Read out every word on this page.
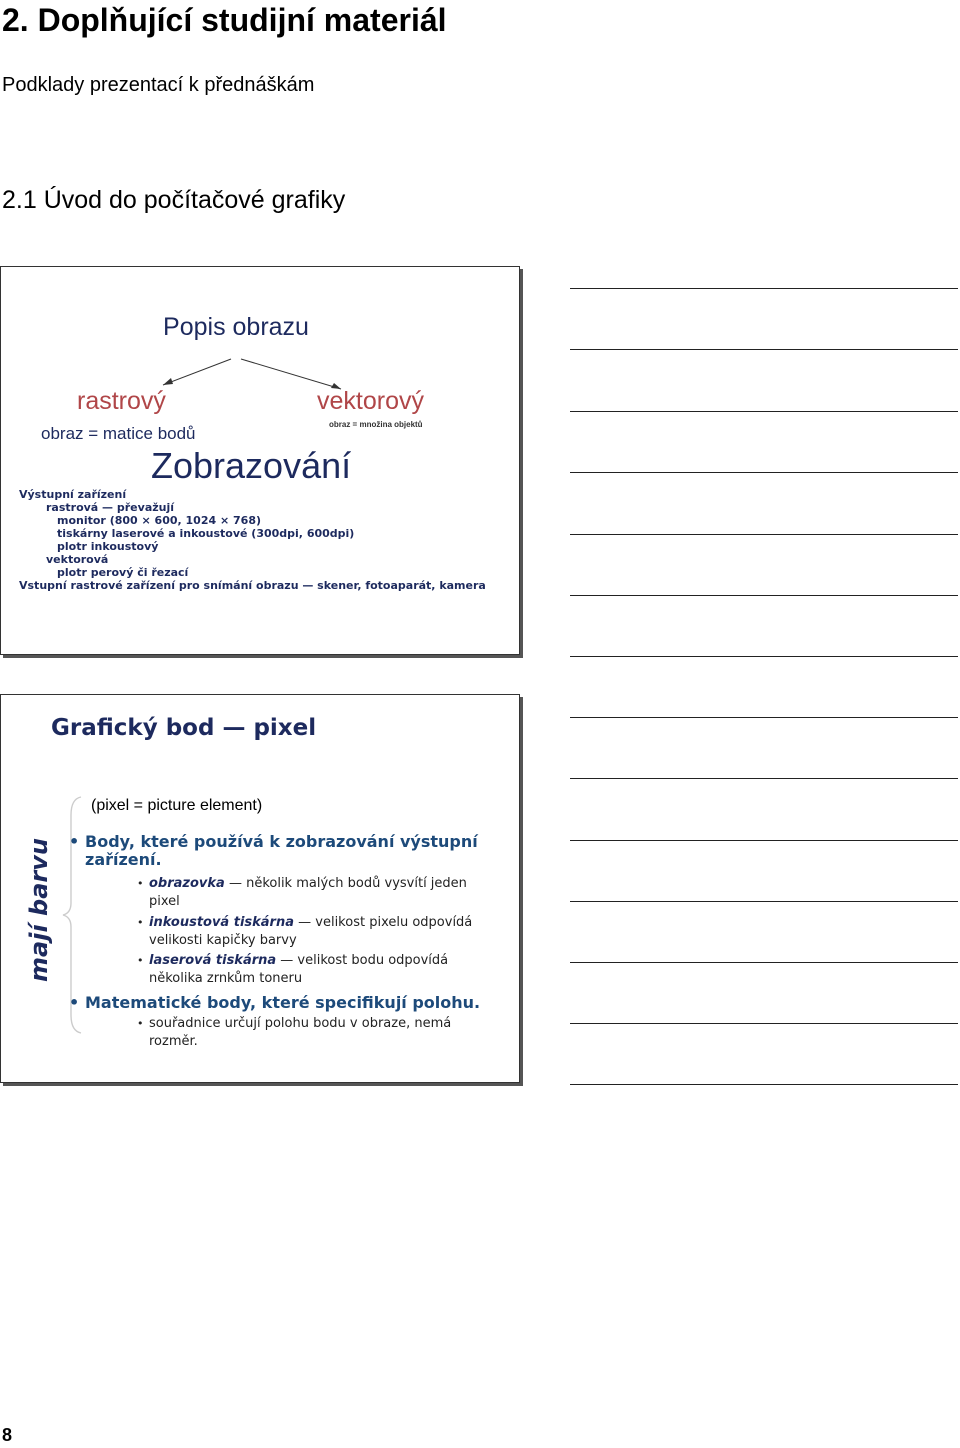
2. Doplňující studijní materiál
Podklady prezentací k přednáškám
2.1 Úvod do počítačové grafiky
Popis obrazu
rastrový	vektorový
obraz = matice bodů	obraz = množina objektů
Zobrazování
Výstupní zařízení
rastrová — převažují
monitor (800 × 600, 1024 × 768)
tiskárny laserové a inkoustové (300dpi, 600dpi)
plotr inkoustový
vektorová
plotr perový či řezací
Vstupní rastrové zařízení pro snímání obrazu — skener, fotoaparát, kamera
Grafický bod — pixel
(pixel = picture element)
mají barvu	• Body, které používá k zobrazování výstupní zařízení.
• obrazovka — několik malých bodů vysvítí jeden pixel
• inkoustová tiskárna — velikost pixelu odpovídá velikosti kapičky barvy
• laserová tiskárna — velikost bodu odpovídá několika zrnkům toneru
• Matematické body, které specifikují polohu.
• souřadnice určují polohu bodu v obraze, nemá rozměr.
8
